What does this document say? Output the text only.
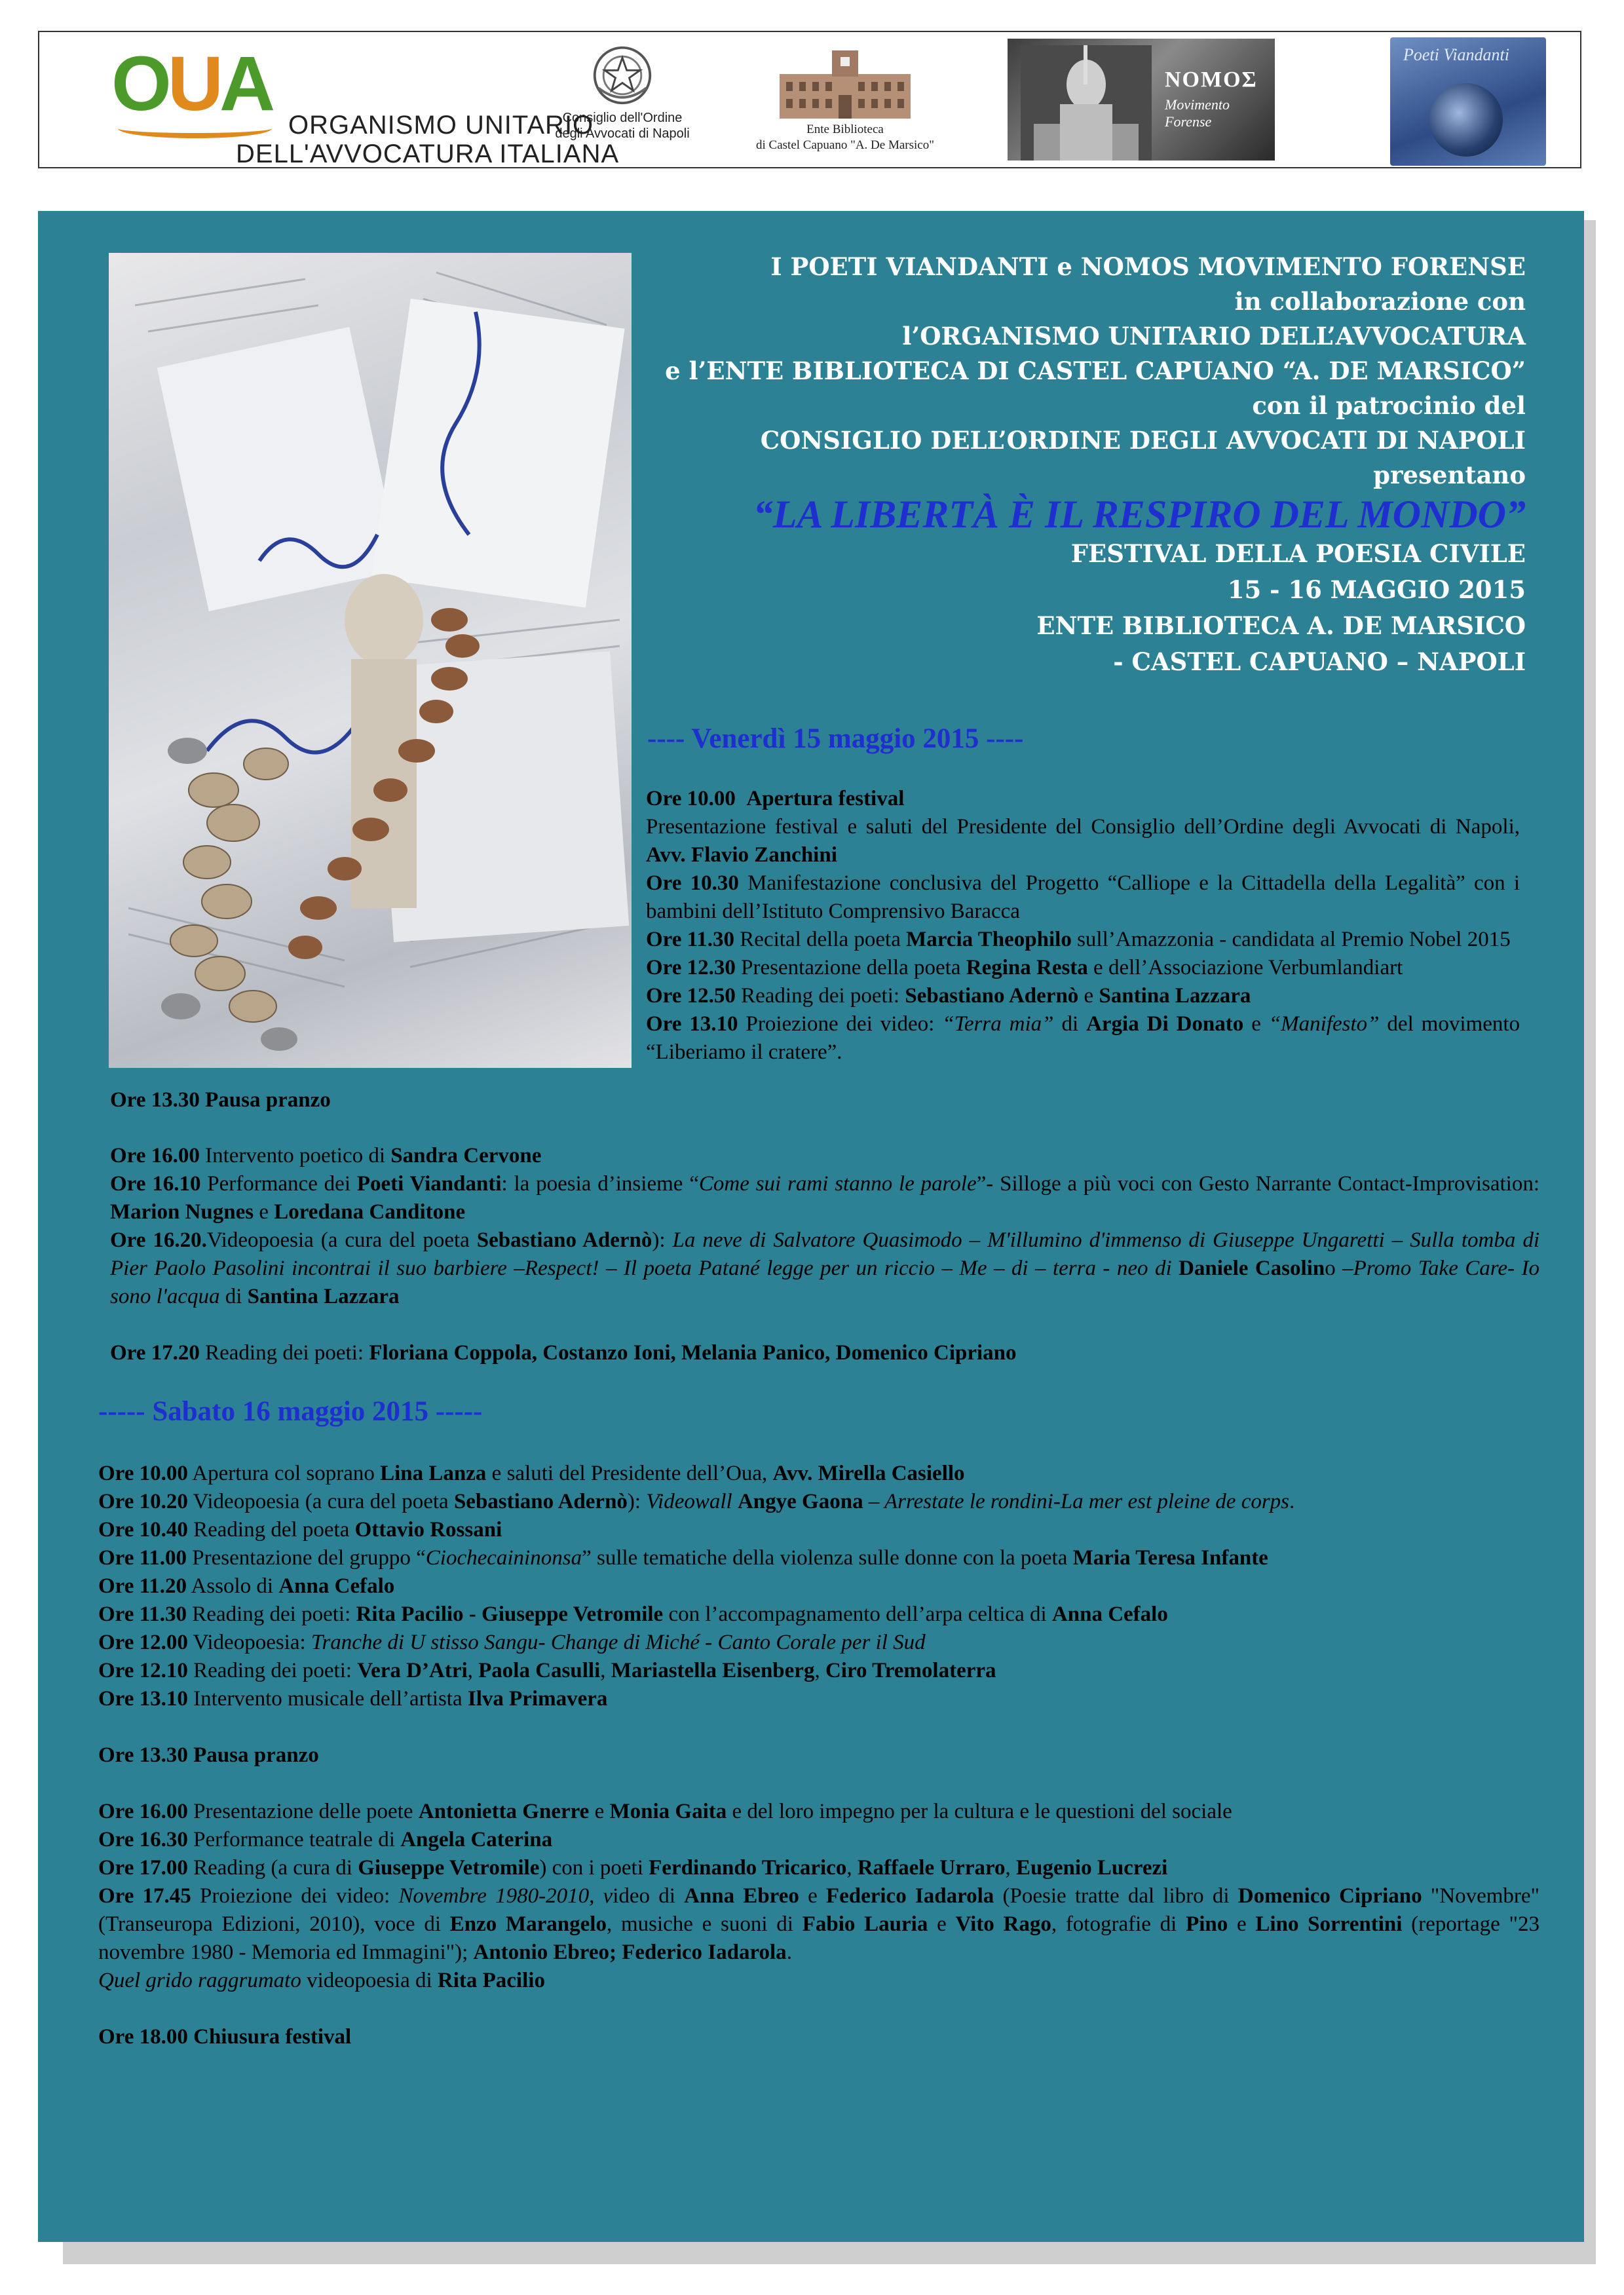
OUA ORGANISMO UNITARIO
DELL'AVVOCATURA ITALIANA
Consiglio dell'Ordine
degli Avvocati di Napoli	Ente Biblioteca
di Castel Capuano "A. De Marsico"
ΝΟΜΟΣ
Movimento Forense
Poeti Viandanti
I POETI VIANDANTI e NOMOS MOVIMENTO FORENSE
in collaborazione con
l’ORGANISMO UNITARIO DELL’AVVOCATURA
e l’ENTE BIBLIOTECA DI CASTEL CAPUANO “A. DE MARSICO”
con il patrocinio del
CONSIGLIO DELL’ORDINE DEGLI AVVOCATI DI NAPOLI
presentano
“LA LIBERTÀ È IL RESPIRO DEL MONDO”
FESTIVAL DELLA POESIA CIVILE
15 - 16 MAGGIO 2015
ENTE BIBLIOTECA A. DE MARSICO
- CASTEL CAPUANO – NAPOLI
---- Venerdì 15 maggio 2015 ----

Ore 10.00 Apertura festival

Presentazione festival e saluti del Presidente del Consiglio dell’Ordine degli Avvocati di Napoli, Avv. Flavio Zanchini

Ore 10.30 Manifestazione conclusiva del Progetto “Calliope e la Cittadella della Legalità” con i bambini dell’Istituto Comprensivo Baracca

Ore 11.30 Recital della poeta Marcia Theophilo sull’Amazzonia - candidata al Premio Nobel 2015

Ore 12.30 Presentazione della poeta Regina Resta e dell’Associazione Verbumlandiart

Ore 12.50 Reading dei poeti: Sebastiano Adernò e Santina Lazzara

Ore 13.10 Proiezione dei video: “Terra mia” di Argia Di Donato e “Manifesto” del movimento “Liberiamo il cratere”.

Ore 13.30 Pausa pranzo

Ore 16.00 Intervento poetico di Sandra Cervone

Ore 16.10 Performance dei Poeti Viandanti: la poesia d’insieme “Come sui rami stanno le parole”- Silloge a più voci con Gesto Narrante Contact-Improvisation: Marion Nugnes e Loredana Canditone

Ore 16.20.Videopoesia (a cura del poeta Sebastiano Adernò): La neve di Salvatore Quasimodo – M'illumino d'immenso di Giuseppe Ungaretti – Sulla tomba di Pier Paolo Pasolini incontrai il suo barbiere –Respect! – Il poeta Patané legge per un riccio – Me – di – terra - neo di Daniele Casolino –Promo Take Care- Io sono l'acqua di Santina Lazzara

Ore 17.20 Reading dei poeti: Floriana Coppola, Costanzo Ioni, Melania Panico, Domenico Cipriano

----- Sabato 16 maggio 2015 -----

Ore 10.00 Apertura col soprano Lina Lanza e saluti del Presidente dell’Oua, Avv. Mirella Casiello

Ore 10.20 Videopoesia (a cura del poeta Sebastiano Adernò): Videowall Angye Gaona – Arrestate le rondini-La mer est pleine de corps.

Ore 10.40 Reading del poeta Ottavio Rossani

Ore 11.00 Presentazione del gruppo “Ciochecaininonsa” sulle tematiche della violenza sulle donne con la poeta Maria Teresa Infante

Ore 11.20 Assolo di Anna Cefalo

Ore 11.30 Reading dei poeti: Rita Pacilio - Giuseppe Vetromile con l’accompagnamento dell’arpa celtica di Anna Cefalo

Ore 12.00 Videopoesia: Tranche di U stisso Sangu- Change di Miché - Canto Corale per il Sud

Ore 12.10 Reading dei poeti: Vera D’Atri, Paola Casulli, Mariastella Eisenberg, Ciro Tremolaterra

Ore 13.10 Intervento musicale dell’artista Ilva Primavera

Ore 13.30 Pausa pranzo

Ore 16.00 Presentazione delle poete Antonietta Gnerre e Monia Gaita e del loro impegno per la cultura e le questioni del sociale

Ore 16.30 Performance teatrale di Angela Caterina

Ore 17.00 Reading (a cura di Giuseppe Vetromile) con i poeti Ferdinando Tricarico, Raffaele Urraro, Eugenio Lucrezi

Ore 17.45 Proiezione dei video: Novembre 1980-2010, video di Anna Ebreo e Federico Iadarola (Poesie tratte dal libro di Domenico Cipriano "Novembre" (Transeuropa Edizioni, 2010), voce di Enzo Marangelo, musiche e suoni di Fabio Lauria e Vito Rago, fotografie di Pino e Lino Sorrentini (reportage "23 novembre 1980 - Memoria ed Immagini"); Antonio Ebreo; Federico Iadarola.

Quel grido raggrumato videopoesia di Rita Pacilio

Ore 18.00 Chiusura festival
